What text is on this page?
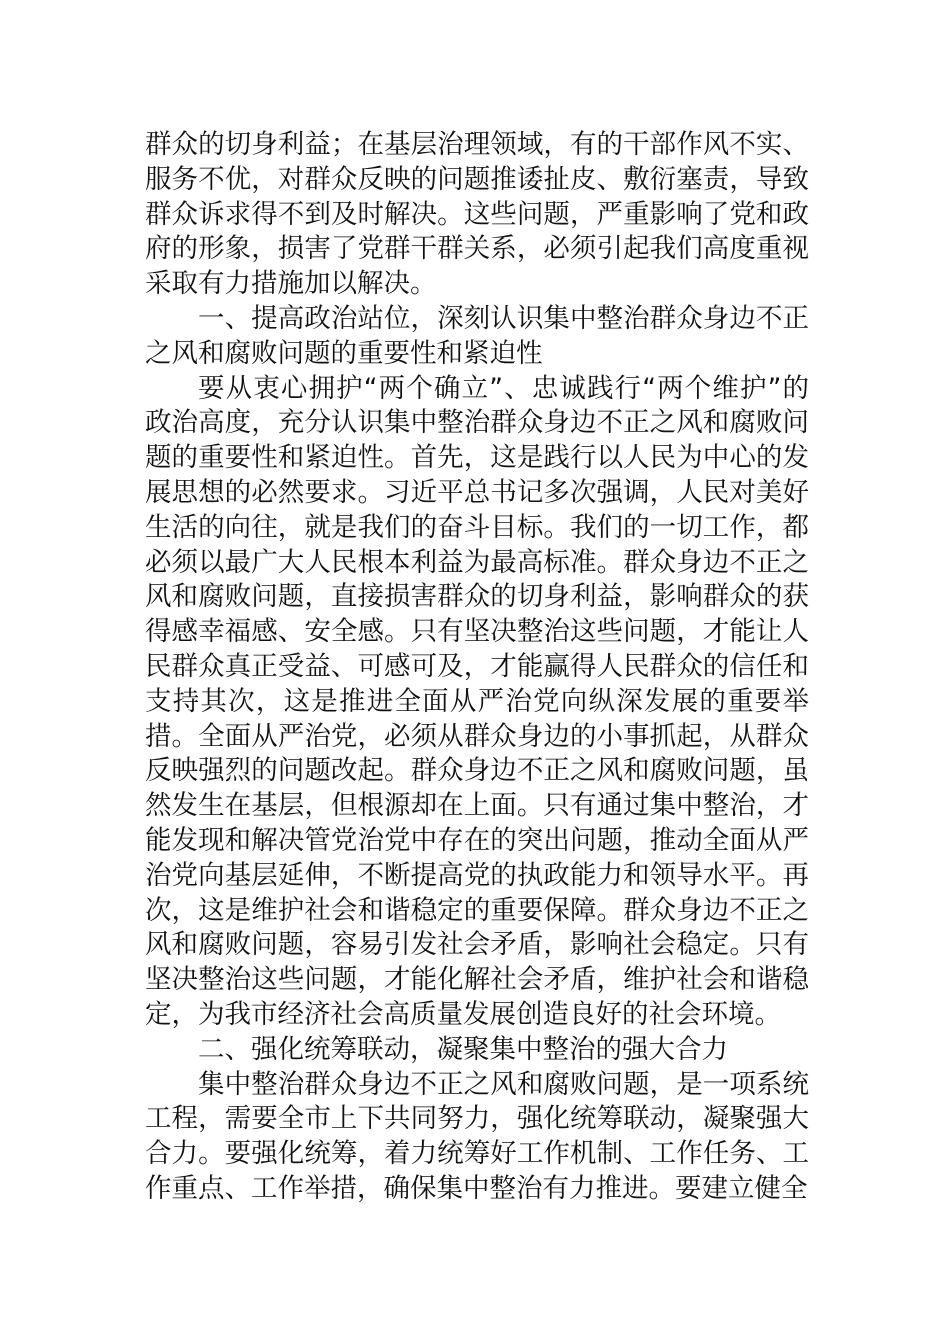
群众的切身利益；在基层治理领域，有的干部作风不实、服务不优，对群众反映的问题推诿扯皮、敷衍塞责，导致群众诉求得不到及时解决。这些问题，严重影响了党和政府的形象，损害了党群干群关系，必须引起我们高度重视采取有力措施加以解决。

一、提高政治站位，深刻认识集中整治群众身边不正之风和腐败问题的重要性和紧迫性

要从衷心拥护“两个确立”、忠诚践行“两个维护”的政治高度，充分认识集中整治群众身边不正之风和腐败问题的重要性和紧迫性。首先，这是践行以人民为中心的发展思想的必然要求。习近平总书记多次强调，人民对美好生活的向往，就是我们的奋斗目标。我们的一切工作，都必须以最广大人民根本利益为最高标准。群众身边不正之风和腐败问题，直接损害群众的切身利益，影响群众的获得感幸福感、安全感。只有坚决整治这些问题，才能让人民群众真正受益、可感可及，才能赢得人民群众的信任和支持其次，这是推进全面从严治党向纵深发展的重要举措。全面从严治党，必须从群众身边的小事抓起，从群众反映强烈的问题改起。群众身边不正之风和腐败问题，虽然发生在基层，但根源却在上面。只有通过集中整治，才能发现和解决管党治党中存在的突出问题，推动全面从严治党向基层延伸，不断提高党的执政能力和领导水平。再次，这是维护社会和谐稳定的重要保障。群众身边不正之风和腐败问题，容易引发社会矛盾，影响社会稳定。只有坚决整治这些问题，才能化解社会矛盾，维护社会和谐稳定，为我市经济社会高质量发展创造良好的社会环境。

二、强化统筹联动，凝聚集中整治的强大合力

集中整治群众身边不正之风和腐败问题，是一项系统工程，需要全市上下共同努力，强化统筹联动，凝聚强大合力。要强化统筹，着力统筹好工作机制、工作任务、工作重点、工作举措，确保集中整治有力推进。要建立健全
